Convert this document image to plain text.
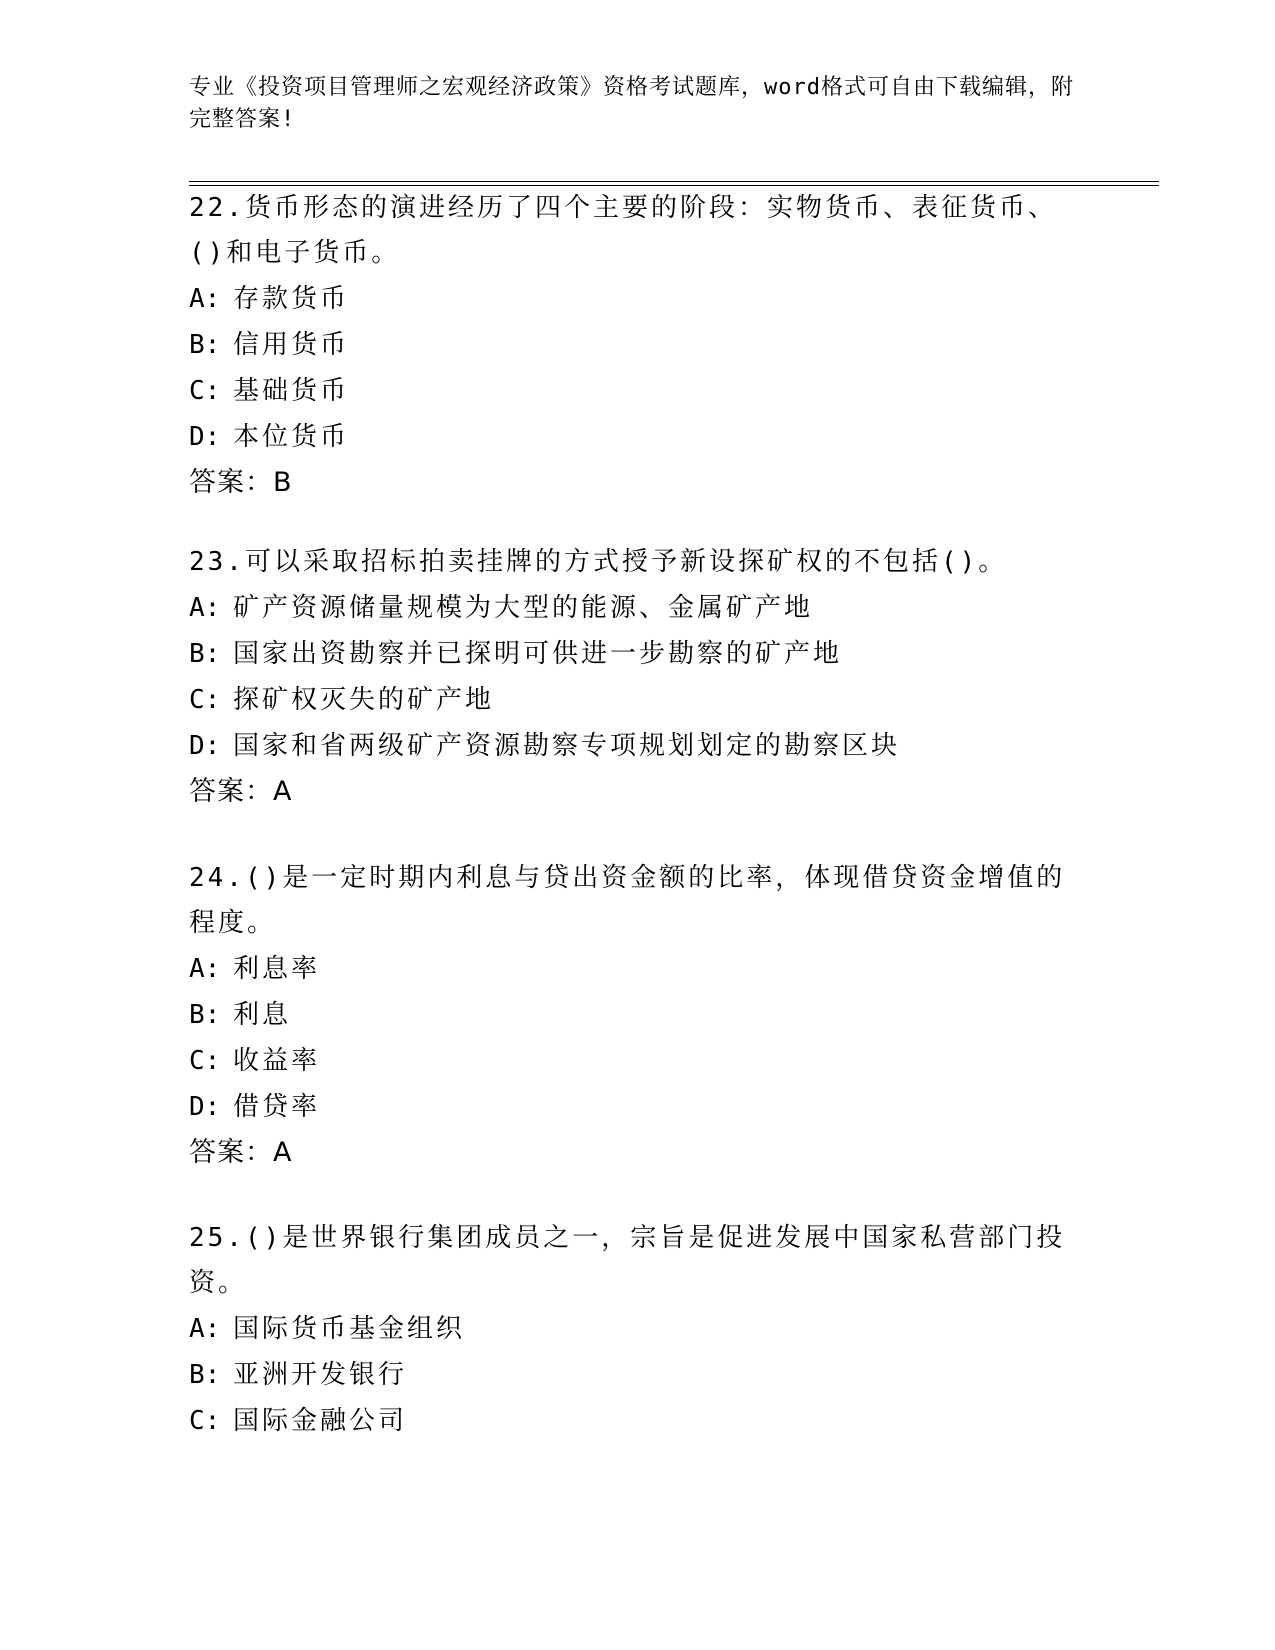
专业《投资项目管理师之宏观经济政策》资格考试题库，word格式可自由下载编辑，附完整答案!
22.货币形态的演进经历了四个主要的阶段：实物货币、表征货币、()和电子货币。
A: 存款货币
B: 信用货币
C: 基础货币
D: 本位货币
答案：B
23.可以采取招标拍卖挂牌的方式授予新设探矿权的不包括()。
A: 矿产资源储量规模为大型的能源、金属矿产地
B: 国家出资勘察并已探明可供进一步勘察的矿产地
C: 探矿权灭失的矿产地
D: 国家和省两级矿产资源勘察专项规划划定的勘察区块
答案：A
24.()是一定时期内利息与贷出资金额的比率，体现借贷资金增值的程度。
A: 利息率
B: 利息
C: 收益率
D: 借贷率
答案：A
25.()是世界银行集团成员之一，宗旨是促进发展中国家私营部门投资。
A: 国际货币基金组织
B: 亚洲开发银行
C: 国际金融公司
